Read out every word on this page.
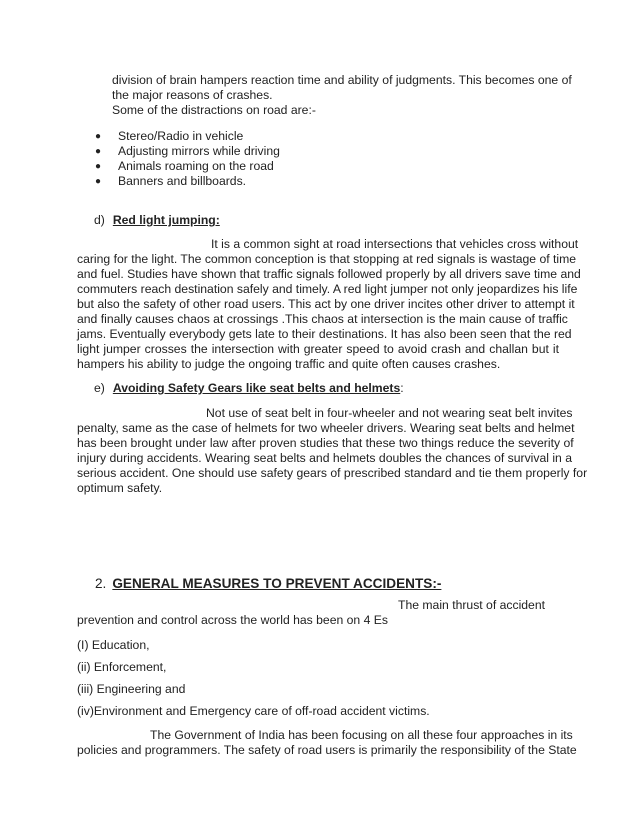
division of brain hampers reaction time and ability of judgments. This becomes one of
the major reasons of crashes.
Some of the distractions on road are:-
● Stereo/Radio in vehicle
● Adjusting mirrors while driving
● Animals roaming on the road
● Banners and billboards.
d) Red light jumping:
It is a common sight at road intersections that vehicles cross without
caring for the light. The common conception is that stopping at red signals is wastage of time
and fuel. Studies have shown that traffic signals followed properly by all drivers save time and
commuters reach destination safely and timely. A red light jumper not only jeopardizes his life
but also the safety of other road users. This act by one driver incites other driver to attempt it
and finally causes chaos at crossings .This chaos at intersection is the main cause of traffic
jams. Eventually everybody gets late to their destinations. It has also been seen that the red
light jumper crosses the intersection with greater speed to avoid crash and challan but it
hampers his ability to judge the ongoing traffic and quite often causes crashes.
e) Avoiding Safety Gears like seat belts and helmets:
Not use of seat belt in four-wheeler and not wearing seat belt invites
penalty, same as the case of helmets for two wheeler drivers. Wearing seat belts and helmet
has been brought under law after proven studies that these two things reduce the severity of
injury during accidents. Wearing seat belts and helmets doubles the chances of survival in a
serious accident. One should use safety gears of prescribed standard and tie them properly for
optimum safety.
2. GENERAL MEASURES TO PREVENT ACCIDENTS:-
The main thrust of accident
prevention and control across the world has been on 4 Es
(I) Education,
(ii) Enforcement,
(iii) Engineering and
(iv)Environment and Emergency care of off-road accident victims.
The Government of India has been focusing on all these four approaches in its
policies and programmers. The safety of road users is primarily the responsibility of the State
